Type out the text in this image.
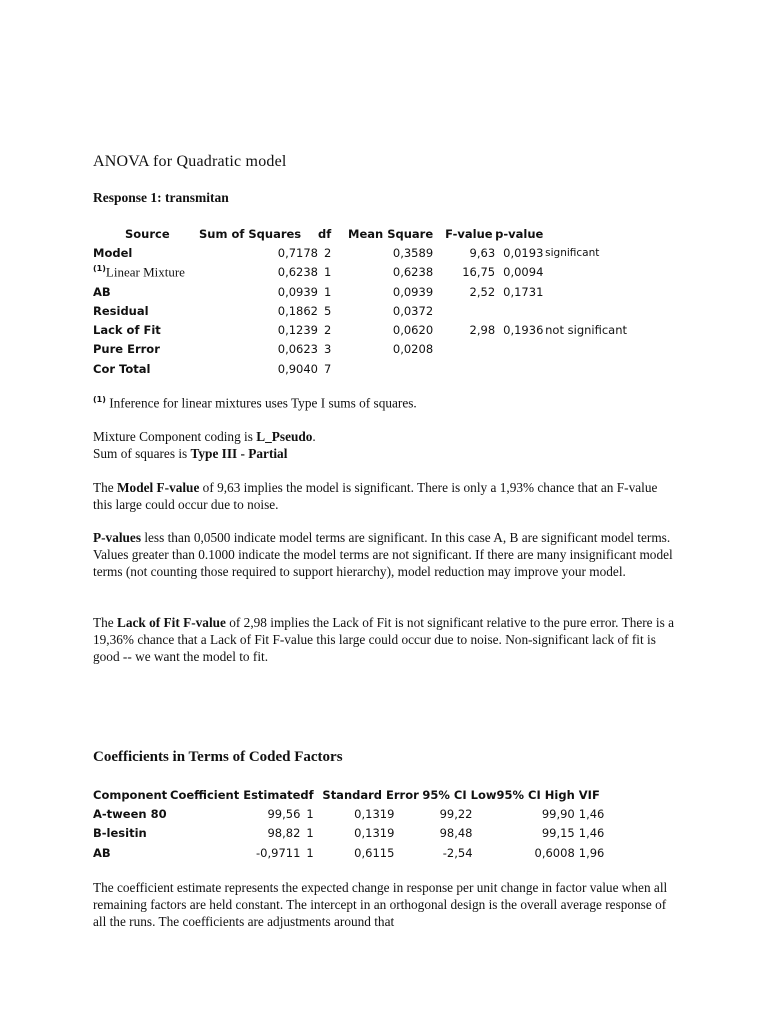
ANOVA for Quadratic model

Response 1: transmitan

Source	Sum of Squares	df	Mean Square	F-value	p-value	
Model	0,7178	2	0,3589	9,63	0,0193	significant
$^{(1)}$Linear Mixture	0,6238	1	0,6238	16,75	0,0094	
AB	0,0939	1	0,0939	2,52	0,1731	
Residual	0,1862	5	0,0372			
Lack of Fit	0,1239	2	0,0620	2,98	0,1936	not significant
Pure Error	0,0623	3	0,0208			
Cor Total	0,9040	7				

$^{(1)}$ Inference for linear mixtures uses Type I sums of squares.

Mixture Component coding is L_Pseudo.
Sum of squares is Type III - Partial

The Model F-value of 9,63 implies the model is significant. There is only a 1,93% chance that an F-value this large could occur due to noise.

P-values less than 0,0500 indicate model terms are significant. In this case A, B are significant model terms. Values greater than 0.1000 indicate the model terms are not significant. If there are many insignificant model terms (not counting those required to support hierarchy), model reduction may improve your model.

The Lack of Fit F-value of 2,98 implies the Lack of Fit is not significant relative to the pure error. There is a 19,36% chance that a Lack of Fit F-value this large could occur due to noise. Non-significant lack of fit is good -- we want the model to fit.

Coefficients in Terms of Coded Factors
Component	Coefficient Estimate	df	Standard Error	95% CI Low	95% CI High	VIF
A-tween 80	99,56	1	0,1319	99,22	99,90	1,46
B-lesitin	98,82	1	0,1319	98,48	99,15	1,46
AB	-0,9711	1	0,6115	-2,54	0,6008	1,96

The coefficient estimate represents the expected change in response per unit change in factor value when all remaining factors are held constant. The intercept in an orthogonal design is the overall average response of all the runs. The coefficients are adjustments around that
